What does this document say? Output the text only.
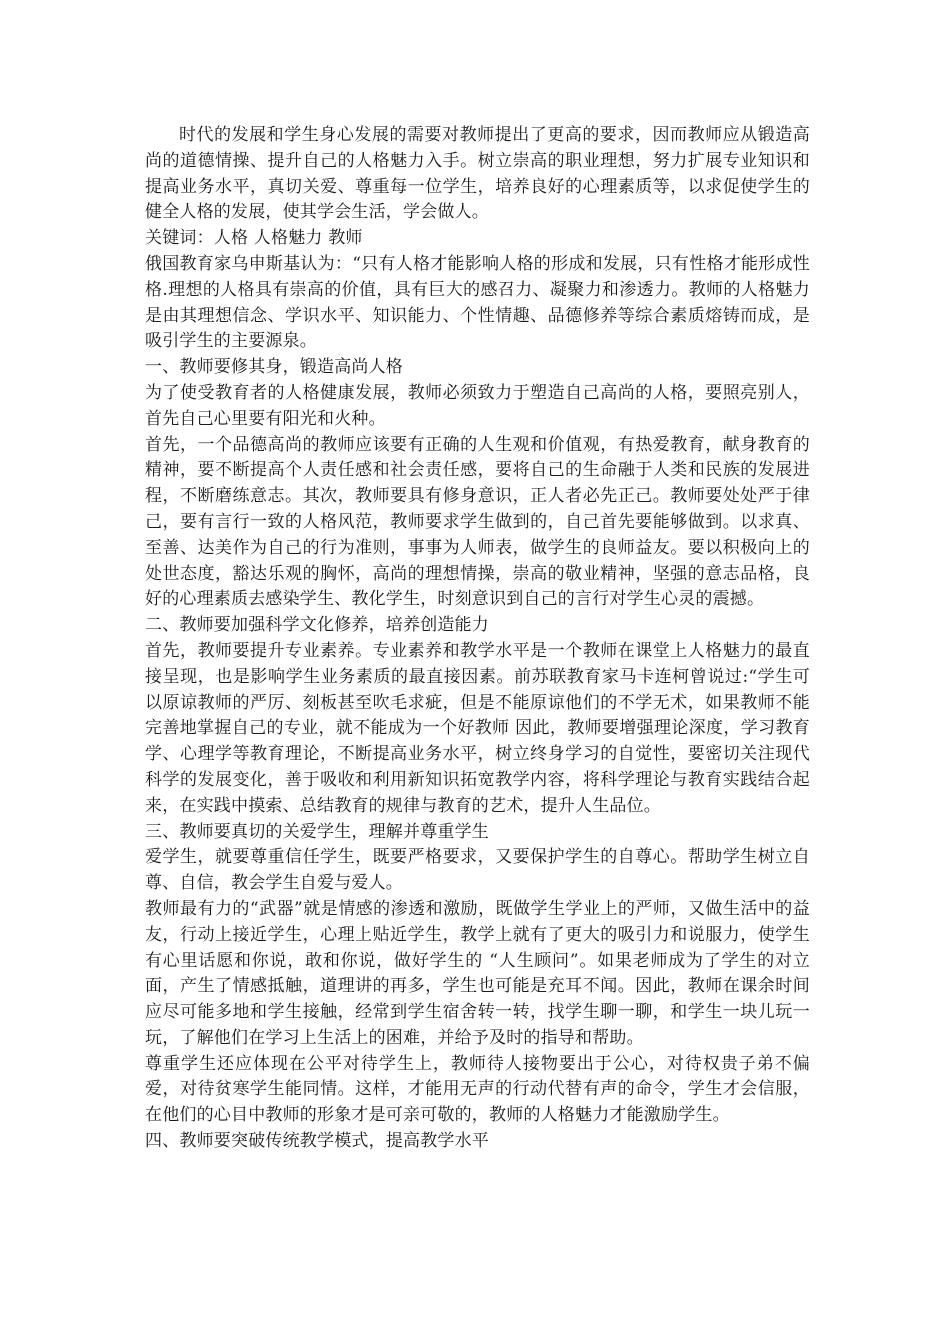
时代的发展和学生身心发展的需要对教师提出了更高的要求，因而教师应从锻造高尚的道德情操、提升自己的人格魅力入手。树立崇高的职业理想，努力扩展专业知识和提高业务水平，真切关爱、尊重每一位学生，培养良好的心理素质等，以求促使学生的健全人格的发展，使其学会生活，学会做人。

关键词：人格 人格魅力 教师

俄国教育家乌申斯基认为：“只有人格才能影响人格的形成和发展，只有性格才能形成性格.理想的人格具有崇高的价值，具有巨大的感召力、凝聚力和渗透力。教师的人格魅力是由其理想信念、学识水平、知识能力、个性情趣、品德修养等综合素质熔铸而成，是吸引学生的主要源泉。

一、教师要修其身，锻造高尚人格

为了使受教育者的人格健康发展，教师必须致力于塑造自己高尚的人格，要照亮别人，首先自己心里要有阳光和火种。

首先，一个品德高尚的教师应该要有正确的人生观和价值观，有热爱教育，献身教育的精神，要不断提高个人责任感和社会责任感，要将自己的生命融于人类和民族的发展进程，不断磨练意志。其次，教师要具有修身意识，正人者必先正己。教师要处处严于律己，要有言行一致的人格风范，教师要求学生做到的，自己首先要能够做到。以求真、至善、达美作为自己的行为准则，事事为人师表，做学生的良师益友。要以积极向上的处世态度，豁达乐观的胸怀，高尚的理想情操，崇高的敬业精神，坚强的意志品格，良好的心理素质去感染学生、教化学生，时刻意识到自己的言行对学生心灵的震撼。

二、教师要加强科学文化修养，培养创造能力

首先，教师要提升专业素养。专业素养和教学水平是一个教师在课堂上人格魅力的最直接呈现，也是影响学生业务素质的最直接因素。前苏联教育家马卡连柯曾说过:“学生可以原谅教师的严厉、刻板甚至吹毛求疵，但是不能原谅他们的不学无术，如果教师不能完善地掌握自己的专业，就不能成为一个好教师 因此，教师要增强理论深度，学习教育学、心理学等教育理论，不断提高业务水平，树立终身学习的自觉性，要密切关注现代科学的发展变化，善于吸收和利用新知识拓宽教学内容，将科学理论与教育实践结合起来，在实践中摸索、总结教育的规律与教育的艺术，提升人生品位。

三、教师要真切的关爱学生，理解并尊重学生

爱学生，就要尊重信任学生，既要严格要求，又要保护学生的自尊心。帮助学生树立自尊、自信，教会学生自爱与爱人。

教师最有力的“武器”就是情感的渗透和激励，既做学生学业上的严师，又做生活中的益友，行动上接近学生，心理上贴近学生，教学上就有了更大的吸引力和说服力，使学生有心里话愿和你说，敢和你说，做好学生的 “人生顾问”。如果老师成为了学生的对立面，产生了情感抵触，道理讲的再多，学生也可能是充耳不闻。因此，教师在课余时间应尽可能多地和学生接触，经常到学生宿舍转一转，找学生聊一聊，和学生一块儿玩一玩，了解他们在学习上生活上的困难，并给予及时的指导和帮助。

尊重学生还应体现在公平对待学生上，教师待人接物要出于公心，对待权贵子弟不偏爱，对待贫寒学生能同情。这样，才能用无声的行动代替有声的命令，学生才会信服，在他们的心目中教师的形象才是可亲可敬的，教师的人格魅力才能激励学生。

四、教师要突破传统教学模式，提高教学水平
